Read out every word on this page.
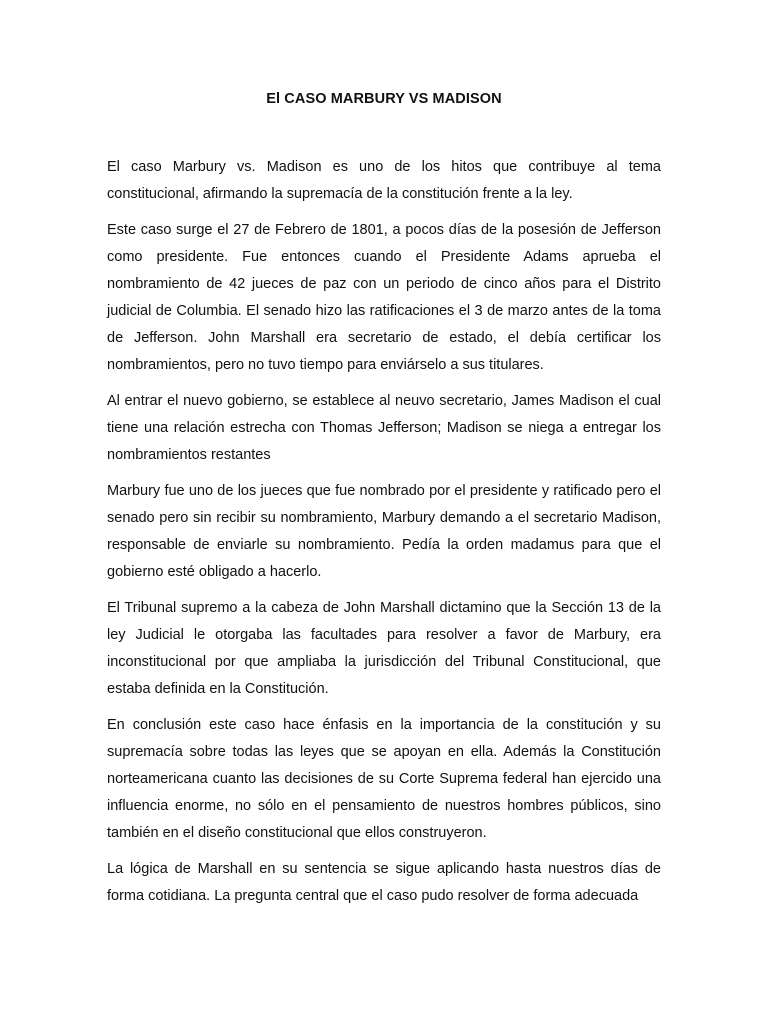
El CASO MARBURY VS MADISON

El caso Marbury vs. Madison es uno de los hitos que contribuye al tema constitucional, afirmando la supremacía de la constitución frente a la ley.

Este caso surge el 27 de Febrero de 1801, a pocos días de la posesión de Jefferson como presidente. Fue entonces cuando el Presidente Adams aprueba el nombramiento de 42 jueces de paz con un periodo de cinco años para el Distrito judicial de Columbia. El senado hizo las ratificaciones el 3 de marzo antes de la toma de Jefferson. John Marshall era secretario de estado, el debía certificar los nombramientos, pero no tuvo tiempo para enviárselo a sus titulares.

Al entrar el nuevo gobierno, se establece al neuvo secretario, James Madison el cual tiene una relación estrecha con Thomas Jefferson; Madison se niega a entregar los nombramientos restantes

Marbury fue uno de los jueces que fue nombrado por el presidente y ratificado pero el senado pero sin recibir su nombramiento, Marbury demando a el secretario Madison, responsable de enviarle su nombramiento. Pedía la orden madamus para que el gobierno esté obligado a hacerlo.

El Tribunal supremo a la cabeza de John Marshall dictamino que la Sección 13 de la ley Judicial le otorgaba las facultades para resolver a favor de Marbury, era inconstitucional por que ampliaba la jurisdicción del Tribunal Constitucional, que estaba definida en la Constitución.

En conclusión este caso hace énfasis en la importancia de la constitución y su supremacía sobre todas las leyes que se apoyan en ella. Además la Constitución norteamericana cuanto las decisiones de su Corte Suprema federal han ejercido una influencia enorme, no sólo en el pensamiento de nuestros hombres públicos, sino también en el diseño constitucional que ellos construyeron.

La lógica de Marshall en su sentencia se sigue aplicando hasta nuestros días de forma cotidiana. La pregunta central que el caso pudo resolver de forma adecuada
